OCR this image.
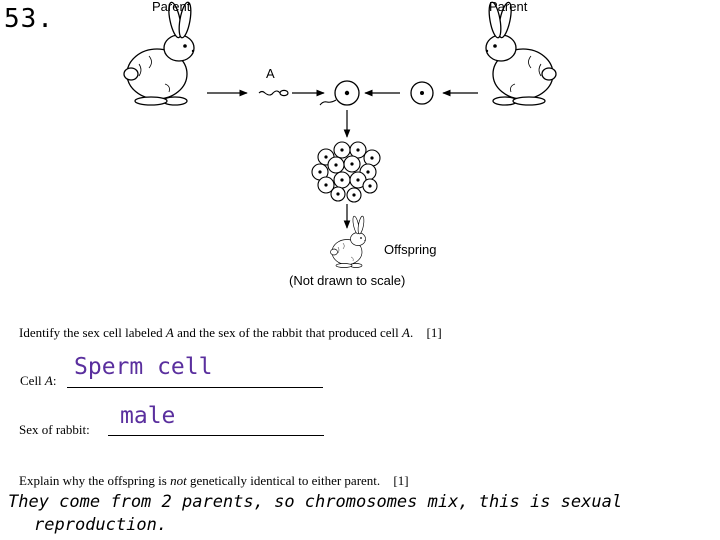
53.	Parent	Parent
A
Offspring
(Not drawn to scale)
Identify the sex cell labeled A and the sex of the rabbit that produced cell A. [1]
Cell A:
Sperm cell
Sex of rabbit:
male
Explain why the offspring is not genetically identical to either parent. [1]
They come from 2 parents, so chromosomes mix, this is sexual
reproduction.
